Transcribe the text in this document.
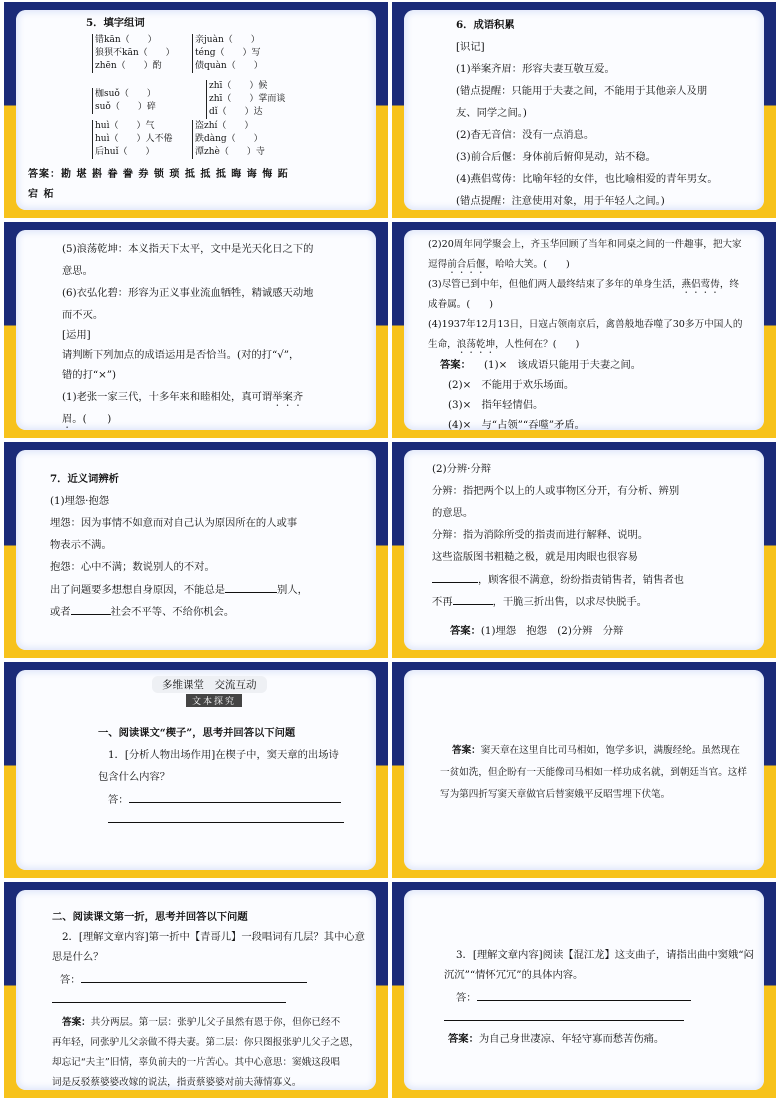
5．填字组词
错kān（　　）
狼狈不kān（　　）
zhēn（　　）酌
亲juàn（　　）
téng（　　）写
债quàn（　　）
枷suǒ（　　）
suǒ（　　）碎
zhī（　　）候
zhī（　　）掌而谈
dǐ（　　）达
huì（　　）气
huì（　　）人不倦
后huǐ（　　）
盗zhí（　　）
跌dàng（　　）
潭zhè（　　）寺
答案：勘 堪 斟 眷 誊 券 锁 琐 抵 抵 抵 晦 诲 悔 跖
宕 柘
6．成语积累
[识记]
(1)举案齐眉：形容夫妻互敬互爱。
(错点提醒：只能用于夫妻之间，不能用于其他亲人及朋
友、同学之间。)
(2)杳无音信：没有一点消息。
(3)前合后偃：身体前后俯仰晃动，站不稳。
(4)燕侣莺俦：比喻年轻的女伴，也比喻相爱的青年男女。
(错点提醒：注意使用对象，用于年轻人之间。)
(5)浪荡乾坤：本义指天下太平，文中是光天化日之下的
意思。
(6)衣弘化碧：形容为正义事业流血牺牲，精诚感天动地
而不灭。
[运用]
请判断下列加点的成语运用是否恰当。(对的打“√”，
错的打“×”)
(1)老张一家三代，十多年来和睦相处，真可谓举案齐
眉。(　　)
(2)20周年同学聚会上，齐玉华回顾了当年和同桌之间的一件趣事，把大家
逗得前合后偃，哈哈大笑。(　　)
(3)尽管已到中年，但他们两人最终结束了多年的单身生活，燕侣莺俦，终
成眷属。(　　)
(4)1937年12月13日，日寇占领南京后，禽兽般地吞噬了30多万中国人的
生命，浪荡乾坤，人性何在？(　　)
答案： (1)×　该成语只能用于夫妻之间。
(2)×　不能用于欢乐场面。
(3)×　指年轻情侣。
(4)×　与“占领”“吞噬”矛盾。
7．近义词辨析
(1)埋怨·抱怨
埋怨：因为事情不如意而对自己认为原因所在的人或事
物表示不满。
抱怨：心中不满；数说别人的不对。
出了问题要多想想自身原因，不能总是	别人，
或者	社会不平等、不给你机会。
(2)分辨·分辩
分辨：指把两个以上的人或事物区分开，有分析、辨别
的意思。
分辩：指为消除所受的指责而进行解释、说明。
这些盗版图书粗糙之极，就是用肉眼也很容易
，顾客很不满意，纷纷指责销售者，销售者也
不再	，干脆三折出售，以求尽快脱手。
答案：(1)埋怨　抱怨　(2)分辨　分辩
多维课堂　交流互动
文本探究
一、阅读课文“楔子”，思考并回答以下问题
1．[分析人物出场作用]在楔子中，窦天章的出场诗
包含什么内容？
答：
答案：窦天章在这里自比司马相如，饱学多识，满腹经纶。虽然现在
一贫如洗，但企盼有一天能像司马相如一样功成名就，到朝廷当官。这样
写为第四折写窦天章做官后替窦娥平反昭雪埋下伏笔。
二、阅读课文第一折，思考并回答以下问题
2．[理解文章内容]第一折中【青哥儿】一段唱词有几层？其中心意
思是什么？
答：
答案：共分两层。第一层：张驴儿父子虽然有恩于你，但你已经不
再年轻，同张驴儿父亲做不得夫妻。第二层：你只图报张驴儿父子之恩，
却忘记“夫主”旧情，辜负前夫的一片苦心。其中心意思：窦娥这段唱
词是反驳蔡婆婆改嫁的说法，指责蔡婆婆对前夫薄情寡义。
3．[理解文章内容]阅读【混江龙】这支曲子，请指出曲中窦娥“闷
沉沉”“情怀冗冗”的具体内容。
答：
答案：为自己身世凄凉、年轻守寡而愁苦伤痛。
